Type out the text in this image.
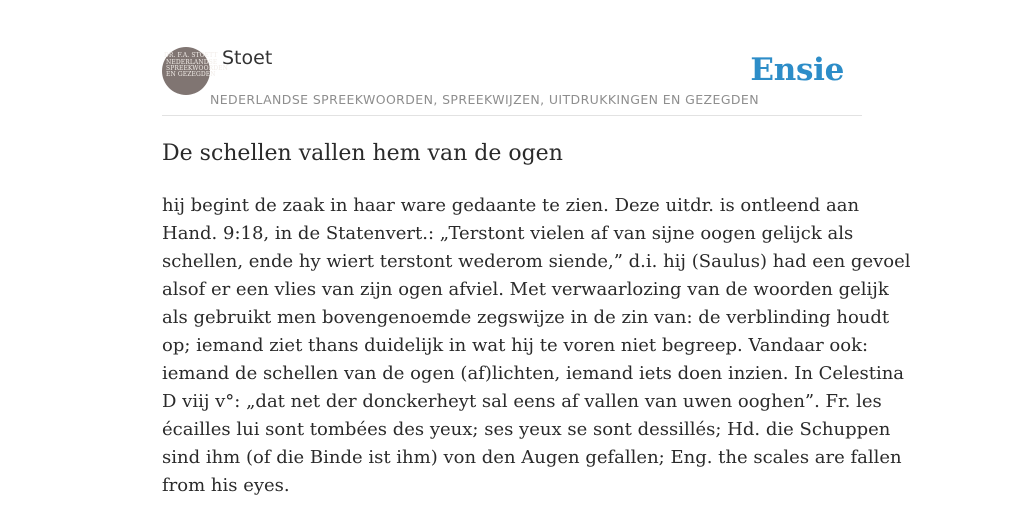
DR. F.A. STOETT
NEDERLANDSE
SPREEKWOORDEN
EN GEZEGDEN
Stoet
NEDERLANDSE SPREEKWOORDEN, SPREEKWIJZEN, UITDRUKKINGEN EN GEZEGDEN
Ensie
De schellen vallen hem van de ogen

hij begint de zaak in haar ware gedaante te zien. Deze uitdr. is ontleend aan
Hand. 9:18, in de Statenvert.: „Terstont vielen af van sijne oogen gelijck als
schellen, ende hy wiert terstont wederom siende,” d.i. hij (Saulus) had een gevoel
alsof er een vlies van zijn ogen afviel. Met verwaarlozing van de woorden gelijk
als gebruikt men bovengenoemde zegswijze in de zin van: de verblinding houdt
op; iemand ziet thans duidelijk in wat hij te voren niet begreep. Vandaar ook:
iemand de schellen van de ogen (af)lichten, iemand iets doen inzien. In Celestina
D viij v°: „dat net der donckerheyt sal eens af vallen van uwen ooghen”. Fr. les
écailles lui sont tombées des yeux; ses yeux se sont dessillés; Hd. die Schuppen
sind ihm (of die Binde ist ihm) von den Augen gefallen; Eng. the scales are fallen
from his eyes.
